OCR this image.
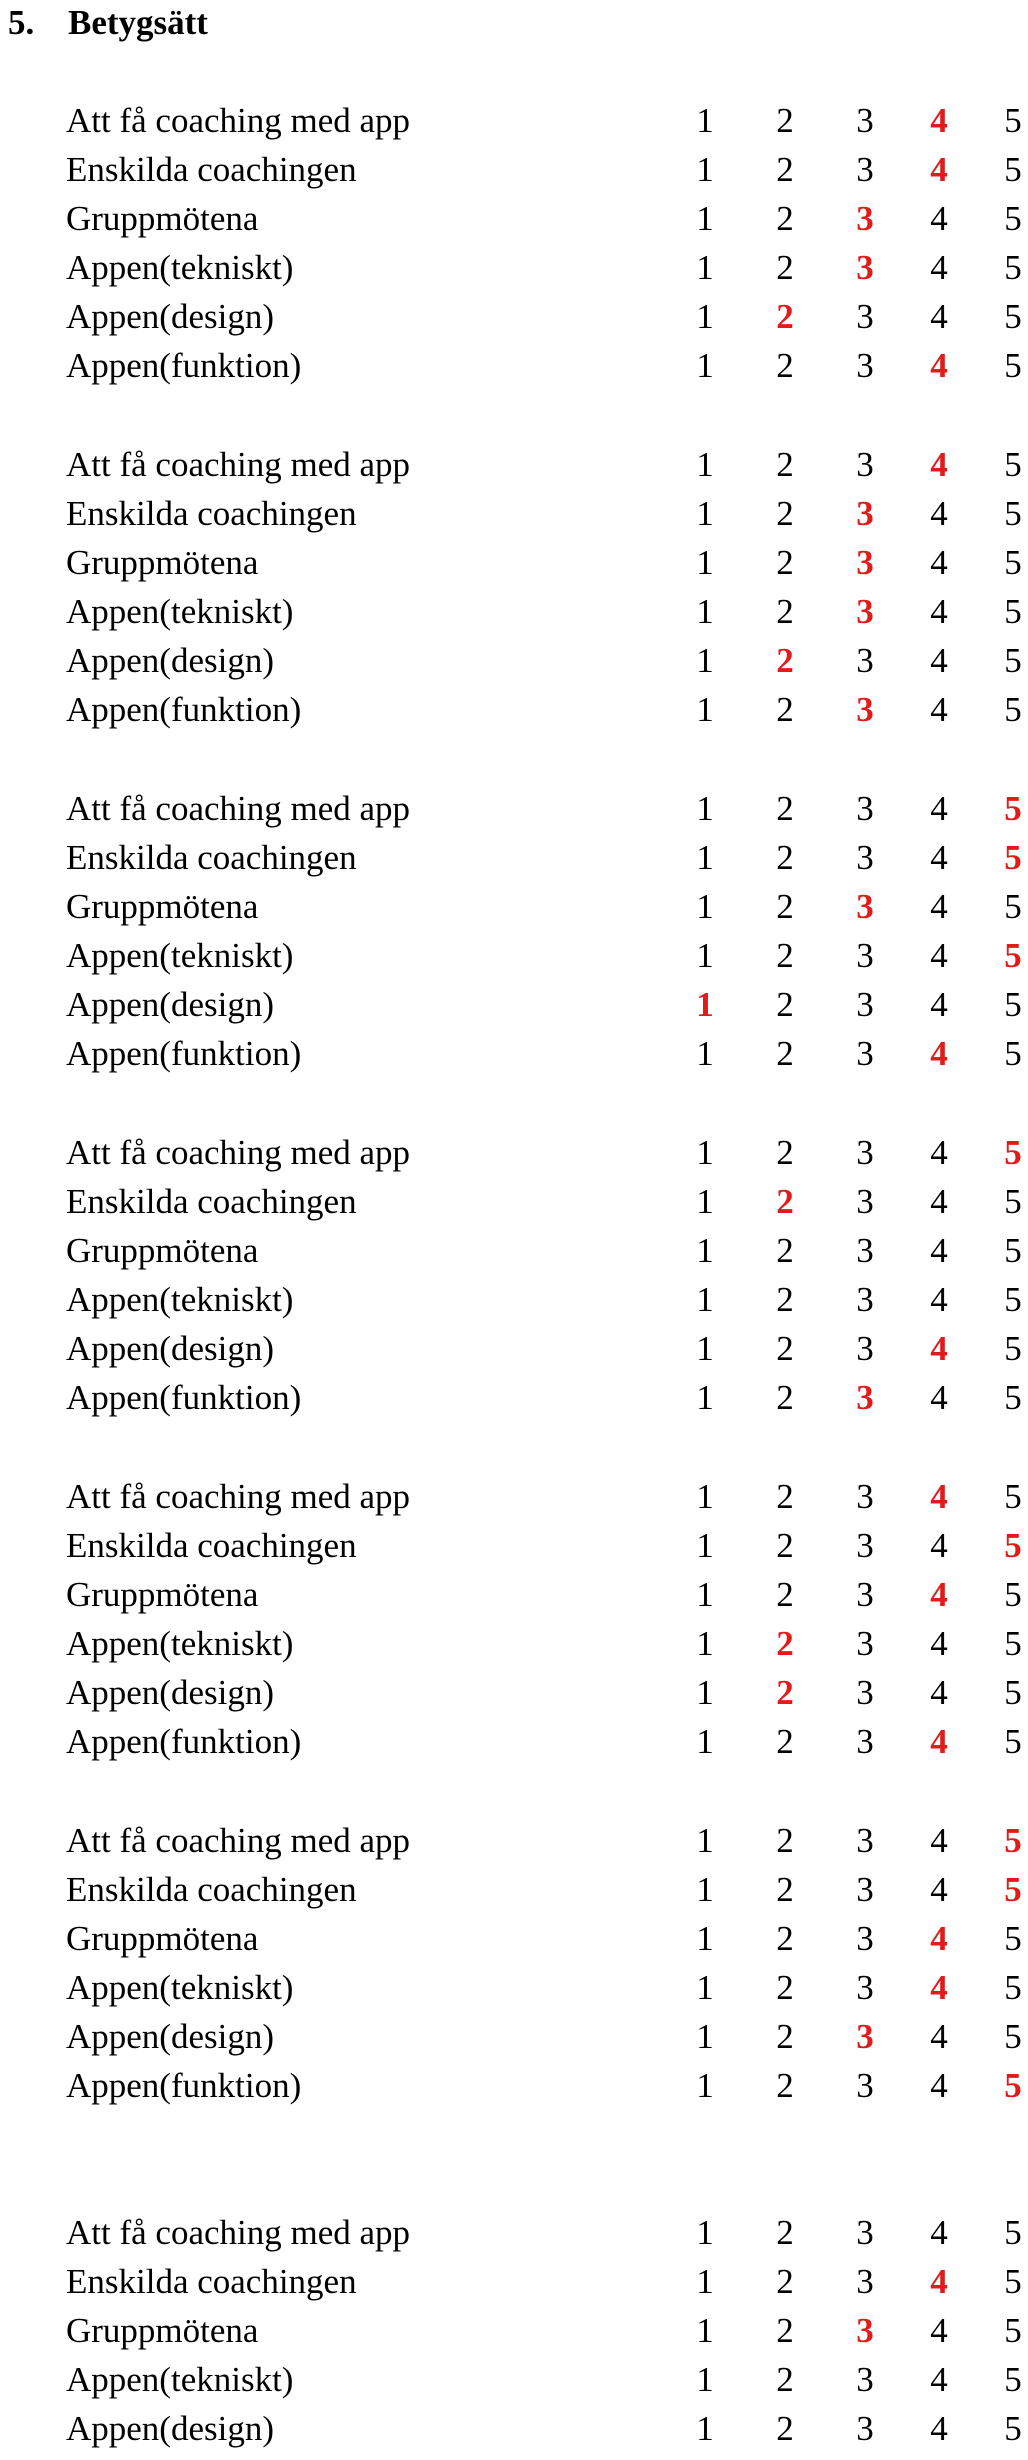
5. Betygsätt
Att få coaching med app	1 2 3 4 5
Enskilda coachingen	1 2 3 4 5
Gruppmötena	1 2 3 4 5
Appen(tekniskt)	1 2 3 4 5
Appen(design)	1 2 3 4 5
Appen(funktion)	1 2 3 4 5
Att få coaching med app	1 2 3 4 5
Enskilda coachingen	1 2 3 4 5
Gruppmötena	1 2 3 4 5
Appen(tekniskt)	1 2 3 4 5
Appen(design)	1 2 3 4 5
Appen(funktion)	1 2 3 4 5
Att få coaching med app	1 2 3 4 5
Enskilda coachingen	1 2 3 4 5
Gruppmötena	1 2 3 4 5
Appen(tekniskt)	1 2 3 4 5
Appen(design)	1 2 3 4 5
Appen(funktion)	1 2 3 4 5
Att få coaching med app	1 2 3 4 5
Enskilda coachingen	1 2 3 4 5
Gruppmötena	1 2 3 4 5
Appen(tekniskt)	1 2 3 4 5
Appen(design)	1 2 3 4 5
Appen(funktion)	1 2 3 4 5
Att få coaching med app	1 2 3 4 5
Enskilda coachingen	1 2 3 4 5
Gruppmötena	1 2 3 4 5
Appen(tekniskt)	1 2 3 4 5
Appen(design)	1 2 3 4 5
Appen(funktion)	1 2 3 4 5
Att få coaching med app	1 2 3 4 5
Enskilda coachingen	1 2 3 4 5
Gruppmötena	1 2 3 4 5
Appen(tekniskt)	1 2 3 4 5
Appen(design)	1 2 3 4 5
Appen(funktion)	1 2 3 4 5
Att få coaching med app	1 2 3 4 5
Enskilda coachingen	1 2 3 4 5
Gruppmötena	1 2 3 4 5
Appen(tekniskt)	1 2 3 4 5
Appen(design)	1 2 3 4 5
